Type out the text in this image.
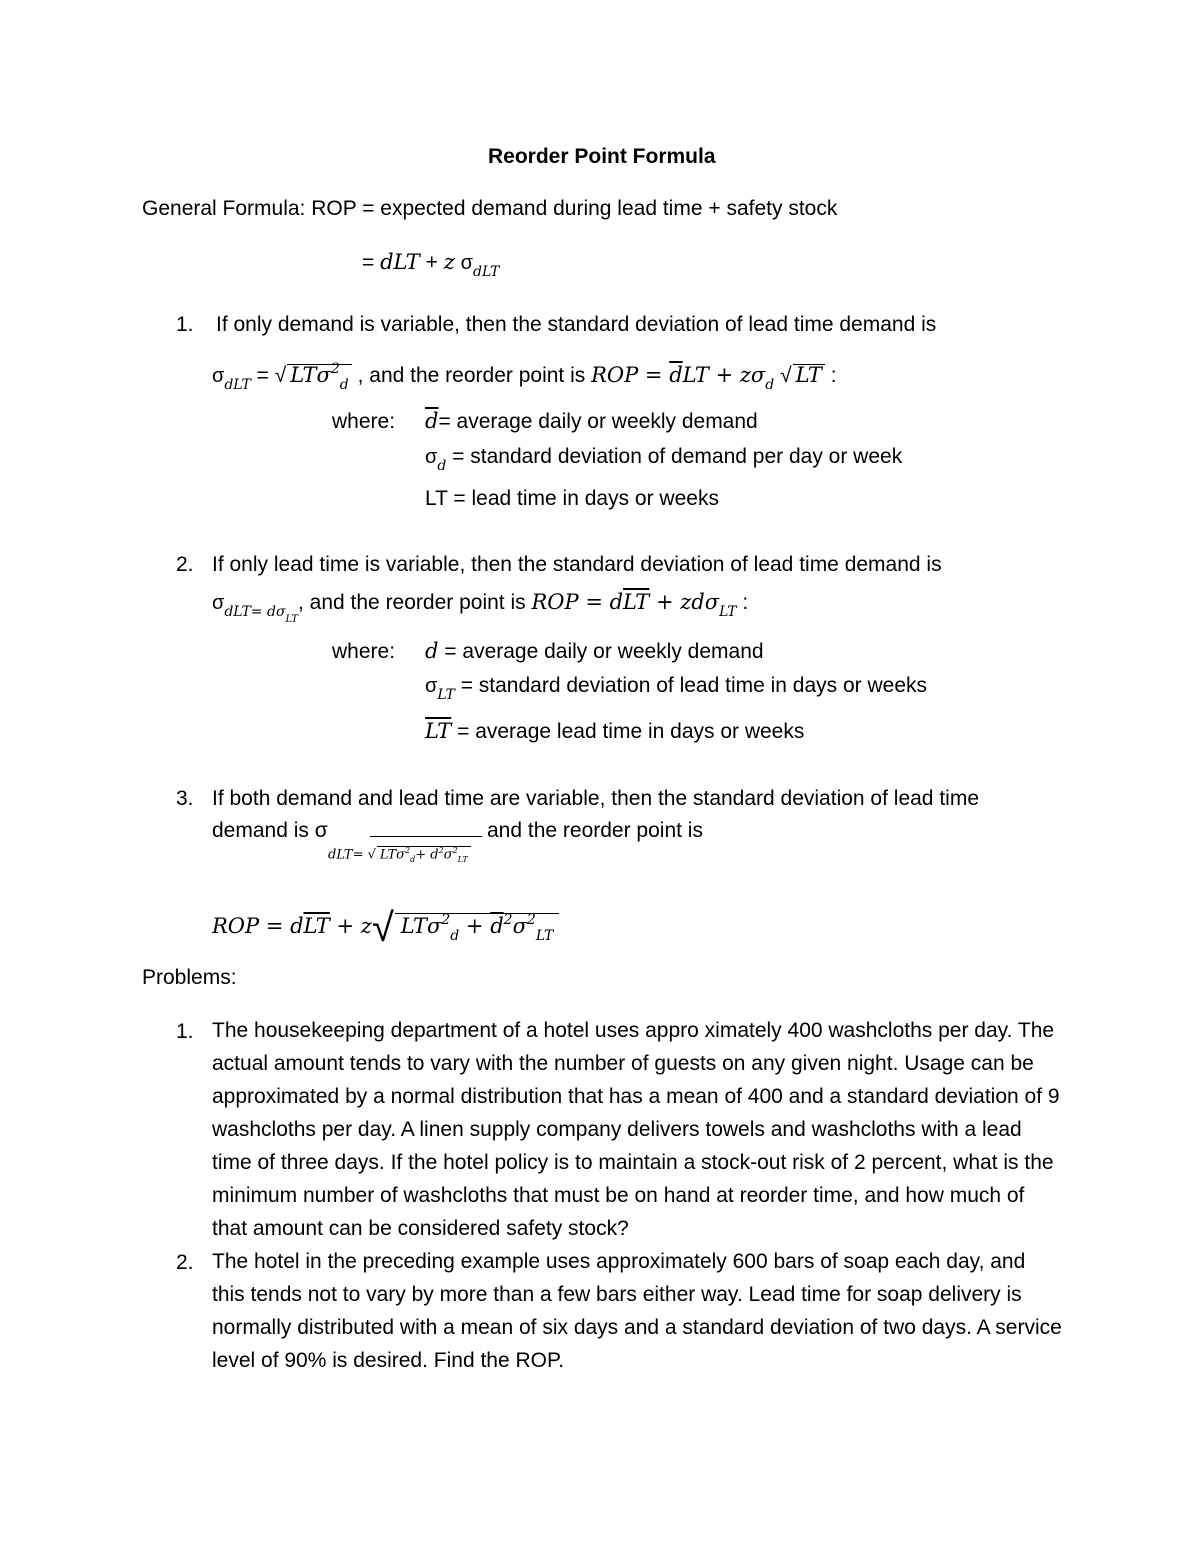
Reorder Point Formula
General Formula: ROP = expected demand during lead time + safety stock
= dLT + z $\sigma_{dLT}$
1. If only demand is variable, then the standard deviation of lead time demand is
$\sigma_{dLT}$ = √ LTσ$^2_d$ , and the reorder point is ROP = $\overline{d}LT + z\sigma_d$ √ LT :
where: $\overline{d}=$ average daily or weekly demand
$\sigma_d$ = standard deviation of demand per day or week
LT = lead time in days or weeks
2. If only lead time is variable, then the standard deviation of lead time demand is
$\sigma_{dLT= d\sigma_{LT}}$, and the reorder point is ROP = $d\overline{LT} + zd\sigma_{LT}$ :
where: d = average daily or weekly demand
$\sigma_{LT}$ = standard deviation of lead time in days or weeks
$\overline{LT}$ = average lead time in days or weeks
3. If both demand and lead time are variable, then the standard deviation of lead time
demand is σ	and the reorder point is
dLT= √ $LT\sigma^2_d+ \overline{d}^2\sigma^2_{LT}$
ROP = $d\overline{LT} + z√$ $LT\sigma^2_d + \overline{d}^2\sigma^2_{LT}$
Problems:
1. The housekeeping department of a hotel uses appro ximately 400 washcloths per day. The actual amount tends to vary with the number of guests on any given night. Usage can be approximated by a normal distribution that has a mean of 400 and a standard deviation of 9 washcloths per day. A linen supply company delivers towels and washcloths with a lead time of three days. If the hotel policy is to maintain a stock-out risk of 2 percent, what is the minimum number of washcloths that must be on hand at reorder time, and how much of that amount can be considered safety stock?
2. The hotel in the preceding example uses approximately 600 bars of soap each day, and this tends not to vary by more than a few bars either way. Lead time for soap delivery is normally distributed with a mean of six days and a standard deviation of two days. A service level of 90% is desired. Find the ROP.
